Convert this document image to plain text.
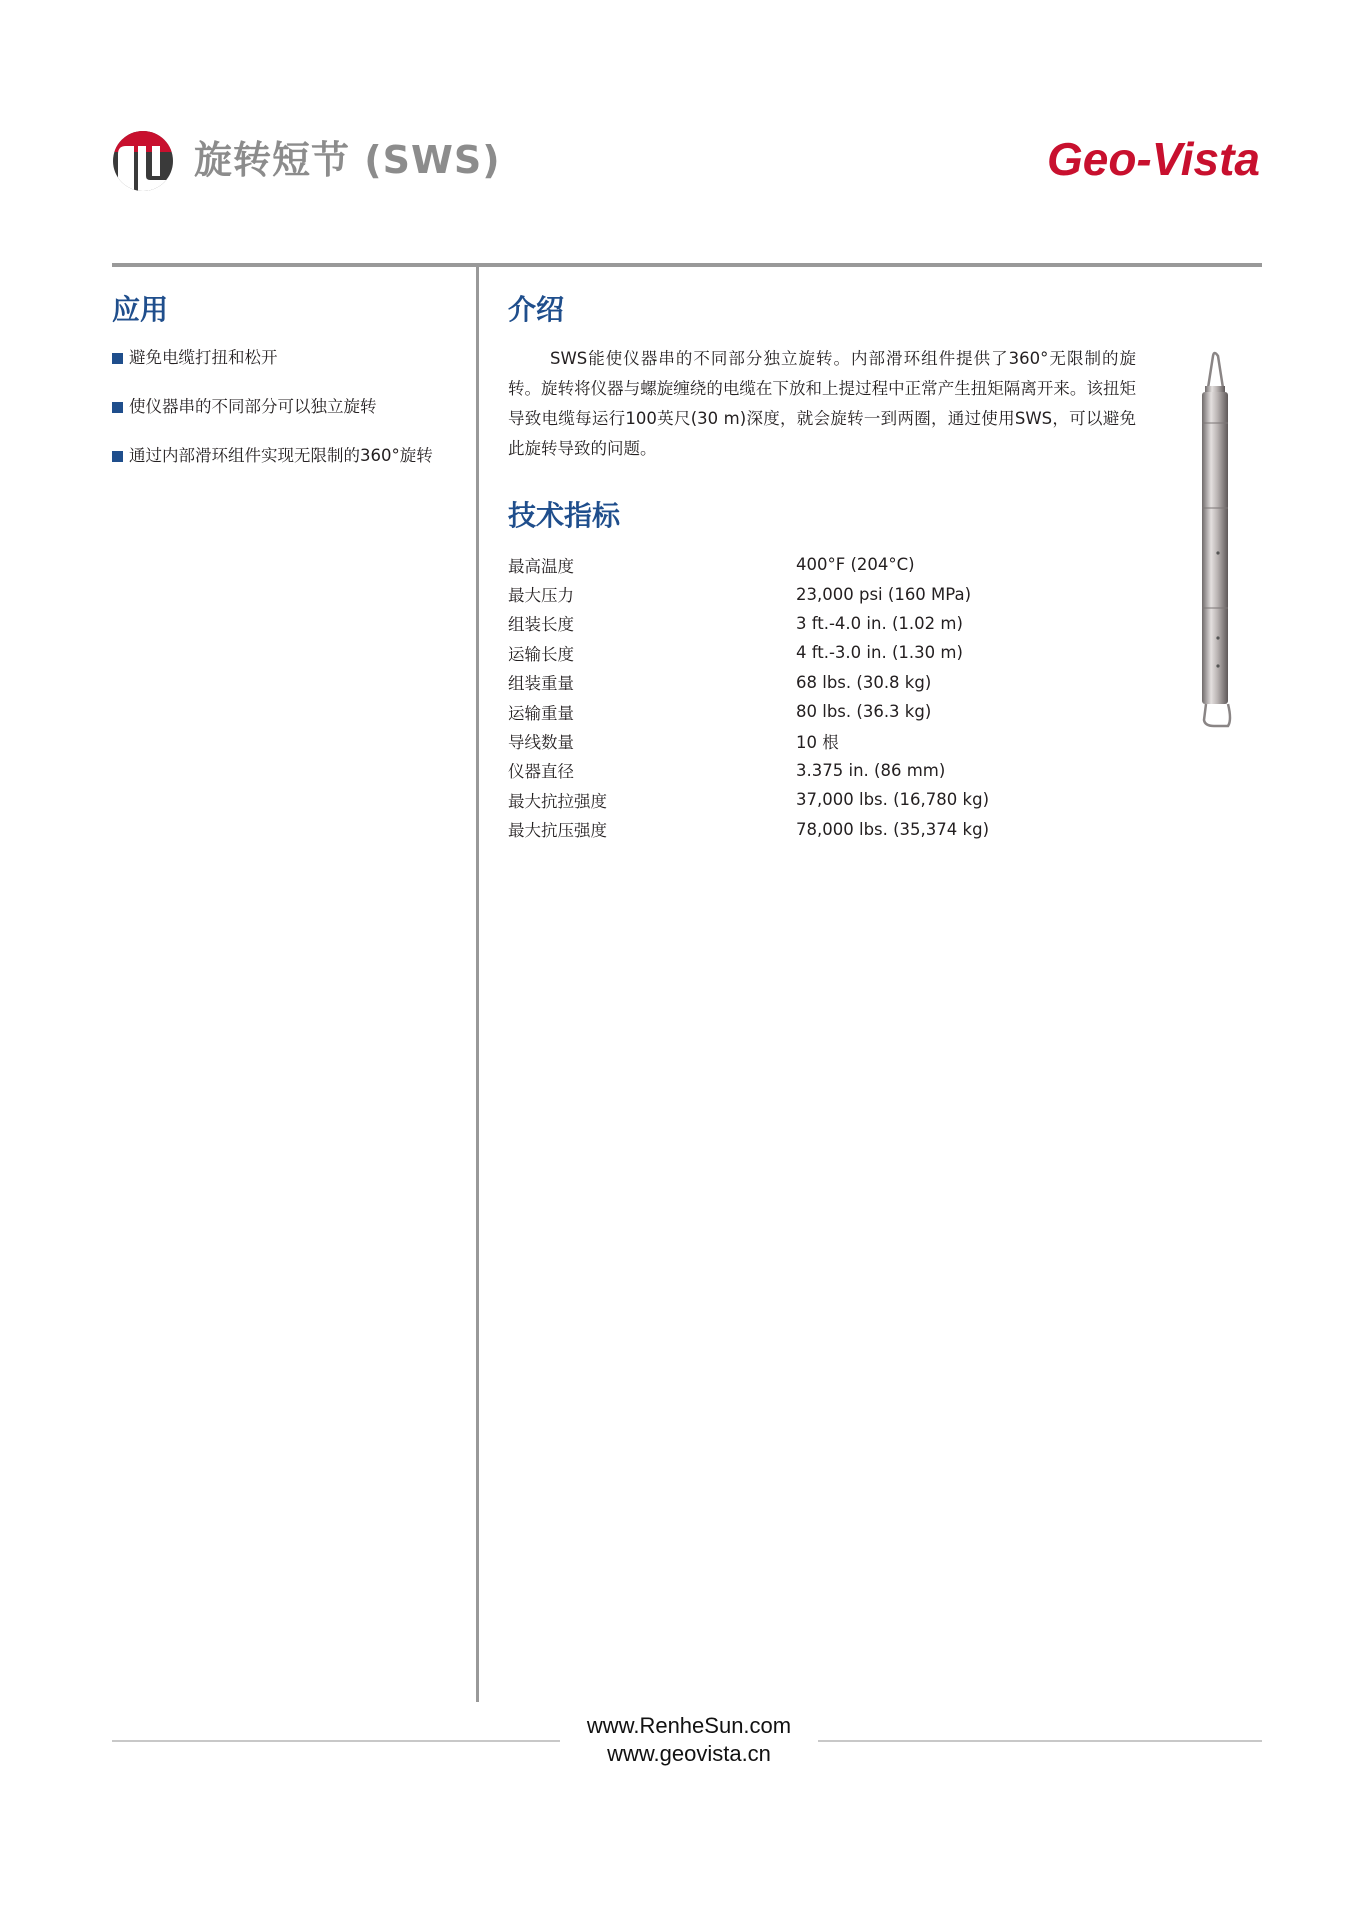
旋转短节 (SWS)	Geo-Vista
应用
避免电缆打扭和松开
使仪器串的不同部分可以独立旋转
通过内部滑环组件实现无限制的360°旋转
介绍
SWS能使仪器串的不同部分独立旋转。内部滑环组件提供了360°无限制的旋转。旋转将仪器与螺旋缠绕的电缆在下放和上提过程中正常产生扭矩隔离开来。该扭矩导致电缆每运行100英尺(30 m)深度，就会旋转一到两圈，通过使用SWS，可以避免此旋转导致的问题。
技术指标
最高温度	400°F (204°C)
最大压力	23,000 psi (160 MPa)
组装长度	3 ft.-4.0 in. (1.02 m)
运输长度	4 ft.-3.0 in. (1.30 m)
组装重量	68 lbs. (30.8 kg)
运输重量	80 lbs. (36.3 kg)
导线数量	10 根
仪器直径	3.375 in. (86 mm)
最大抗拉强度	37,000 lbs. (16,780 kg)
最大抗压强度	78,000 lbs. (35,374 kg)
www.RenheSun.com
www.geovista.cn
